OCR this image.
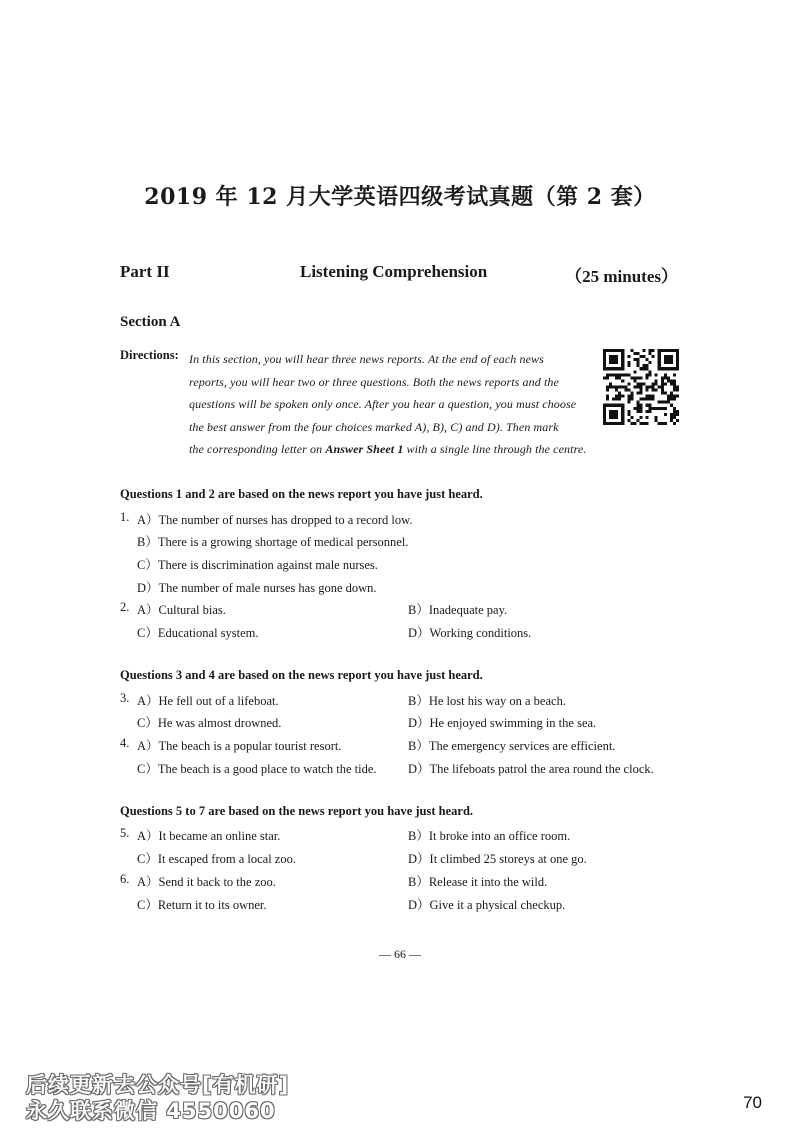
2019 年 12 月大学英语四级考试真题（第 2 套）
Part II	Listening Comprehension	（25 minutes）
Section A
Directions: In this section, you will hear three news reports. At the end of each news
reports, you will hear two or three questions. Both the news reports and the
questions will be spoken only once. After you hear a question, you must choose
the best answer from the four choices marked A), B), C) and D). Then mark
the corresponding letter on Answer Sheet 1 with a single line through the centre.
Questions 1 and 2 are based on the news report you have just heard.
1. A）The number of nurses has dropped to a record low.
B）There is a growing shortage of medical personnel.
C）There is discrimination against male nurses.
D）The number of male nurses has gone down.
2. A）Cultural bias.	B）Inadequate pay.
C）Educational system.	D）Working conditions.
Questions 3 and 4 are based on the news report you have just heard.
3. A）He fell out of a lifeboat.	B）He lost his way on a beach.
C）He was almost drowned.	D）He enjoyed swimming in the sea.
4. A）The beach is a popular tourist resort.	B）The emergency services are efficient.
C）The beach is a good place to watch the tide.	D）The lifeboats patrol the area round the clock.
Questions 5 to 7 are based on the news report you have just heard.
5. A）It became an online star.	B）It broke into an office room.
C）It escaped from a local zoo.	D）It climbed 25 storeys at one go.
6. A）Send it back to the zoo.	B）Release it into the wild.
C）Return it to its owner.	D）Give it a physical checkup.
— 66 —
后续更新去公众号[有机研]
永久联系微信 4550060	70
